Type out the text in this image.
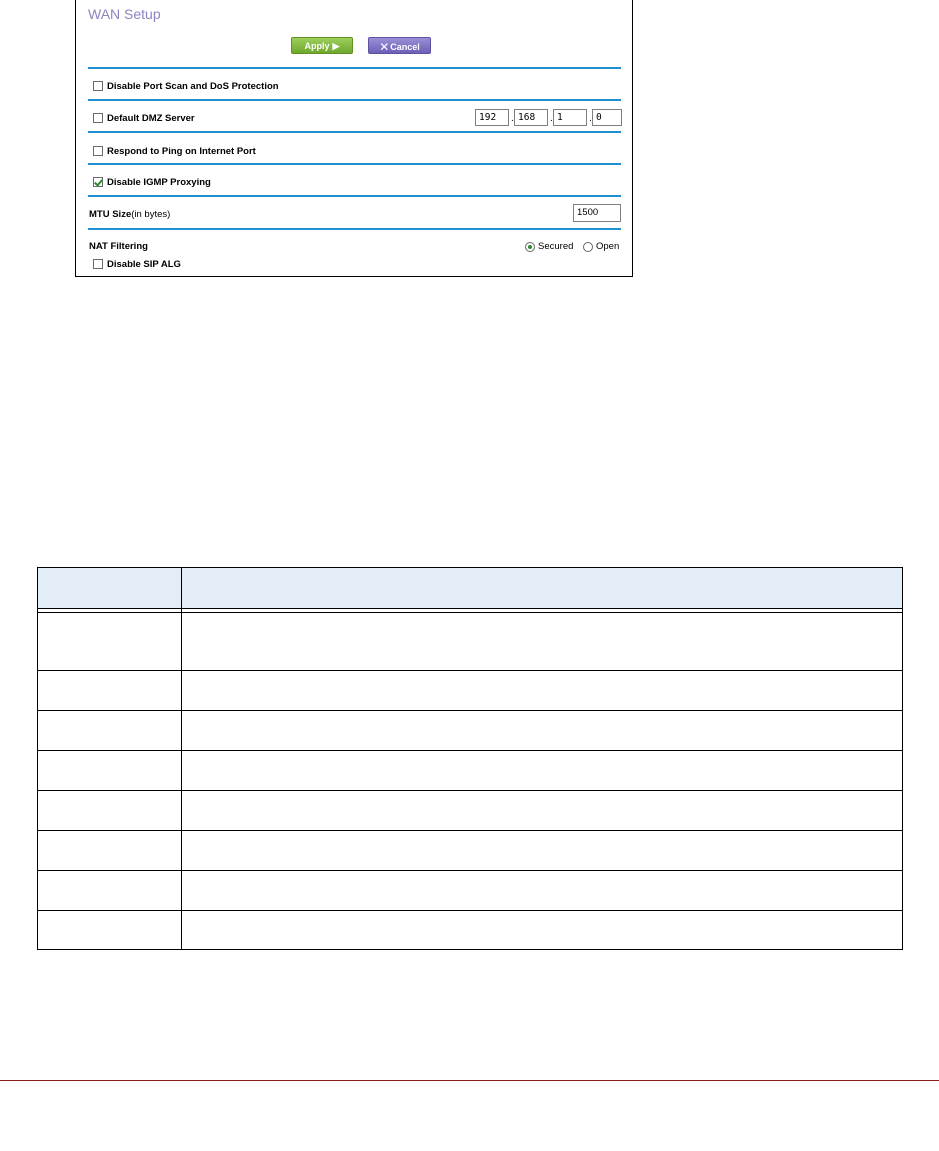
WAN Setup
Apply ▶	✕Cancel
Disable Port Scan and DoS Protection
Default DMZ Server	192	. 168	. 1	. 0
Respond to Ping on Internet Port
Disable IGMP Proxying
MTU Size(in bytes)	1500
NAT Filtering	Secured Open
Disable SIP ALG
